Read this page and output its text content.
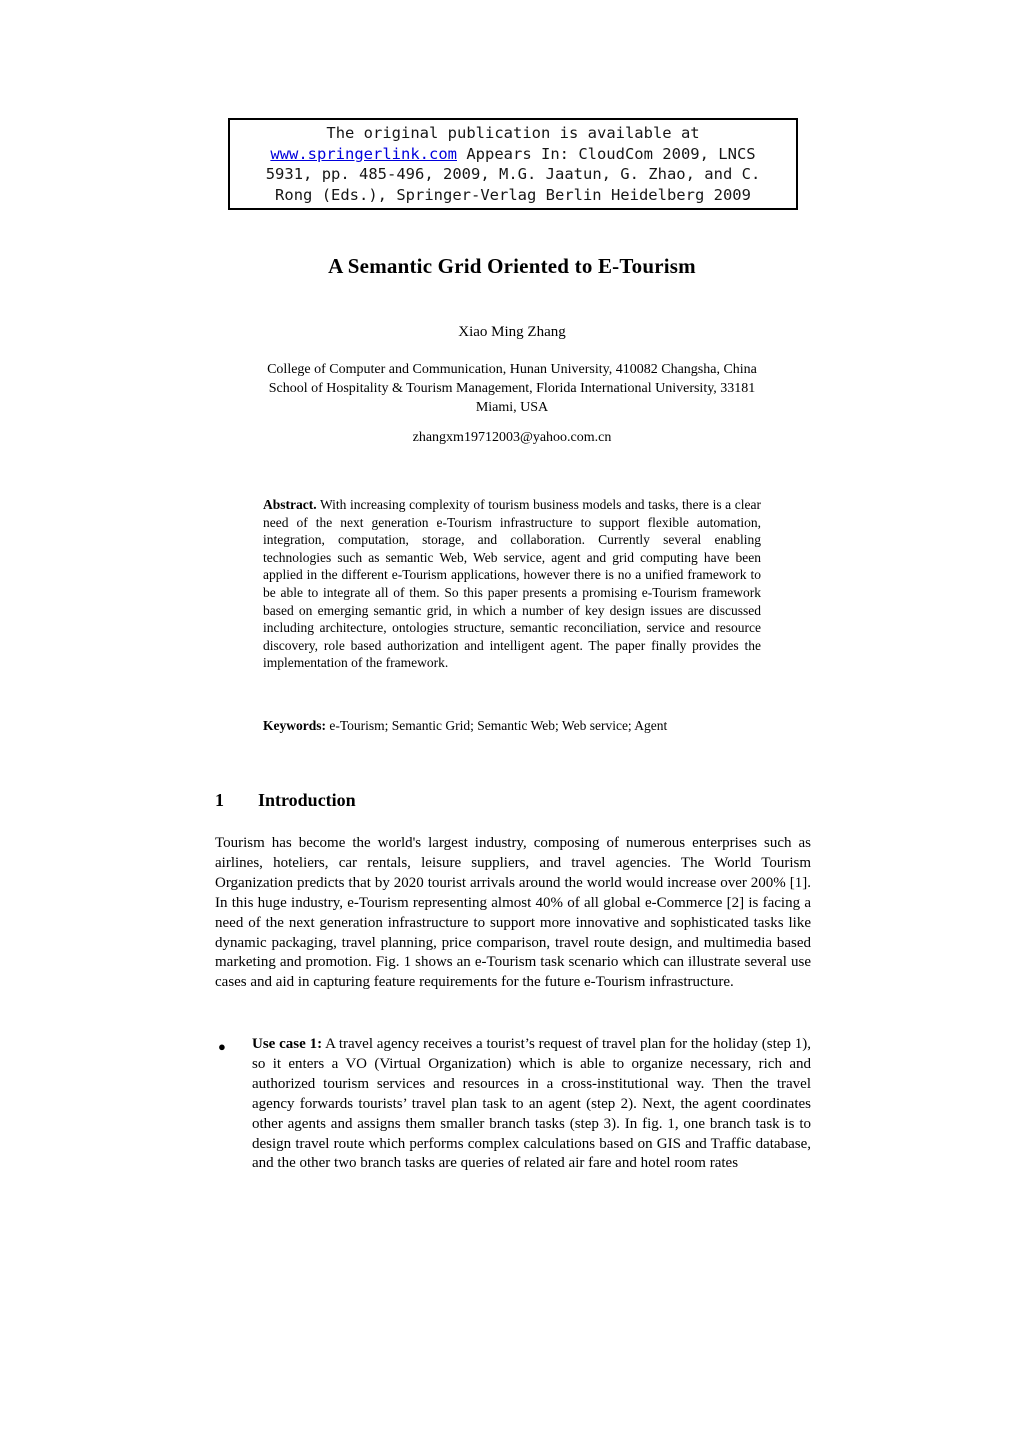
The original publication is available at
www.springerlink.com Appears In: CloudCom 2009, LNCS
5931, pp. 485-496, 2009, M.G. Jaatun, G. Zhao, and C.
Rong (Eds.), Springer-Verlag Berlin Heidelberg 2009
A Semantic Grid Oriented to E-Tourism
Xiao Ming Zhang
College of Computer and Communication, Hunan University, 410082 Changsha, China
School of Hospitality & Tourism Management, Florida International University, 33181
Miami, USA
zhangxm19712003@yahoo.com.cn

Abstract. With increasing complexity of tourism business models and tasks, there is a clear need of the next generation e-Tourism infrastructure to support flexible automation, integration, computation, storage, and collaboration. Currently several enabling technologies such as semantic Web, Web service, agent and grid computing have been applied in the different e-Tourism applications, however there is no a unified framework to be able to integrate all of them. So this paper presents a promising e-Tourism framework based on emerging semantic grid, in which a number of key design issues are discussed including architecture, ontologies structure, semantic reconciliation, service and resource discovery, role based authorization and intelligent agent. The paper finally provides the implementation of the framework.

Keywords: e-Tourism; Semantic Grid; Semantic Web; Web service; Agent

1 Introduction

Tourism has become the world's largest industry, composing of numerous enterprises such as airlines, hoteliers, car rentals, leisure suppliers, and travel agencies. The World Tourism Organization predicts that by 2020 tourist arrivals around the world would increase over 200% [1]. In this huge industry, e-Tourism representing almost 40% of all global e-Commerce [2] is facing a need of the next generation infrastructure to support more innovative and sophisticated tasks like dynamic packaging, travel planning, price comparison, travel route design, and multimedia based marketing and promotion. Fig. 1 shows an e-Tourism task scenario which can illustrate several use cases and aid in capturing feature requirements for the future e-Tourism infrastructure.

● Use case 1: A travel agency receives a tourist’s request of travel plan for the holiday (step 1), so it enters a VO (Virtual Organization) which is able to organize necessary, rich and authorized tourism services and resources in a cross-institutional way. Then the travel agency forwards tourists’ travel plan task to an agent (step 2). Next, the agent coordinates other agents and assigns them smaller branch tasks (step 3). In fig. 1, one branch task is to design travel route which performs complex calculations based on GIS and Traffic database, and the other two branch tasks are queries of related air fare and hotel room rates
